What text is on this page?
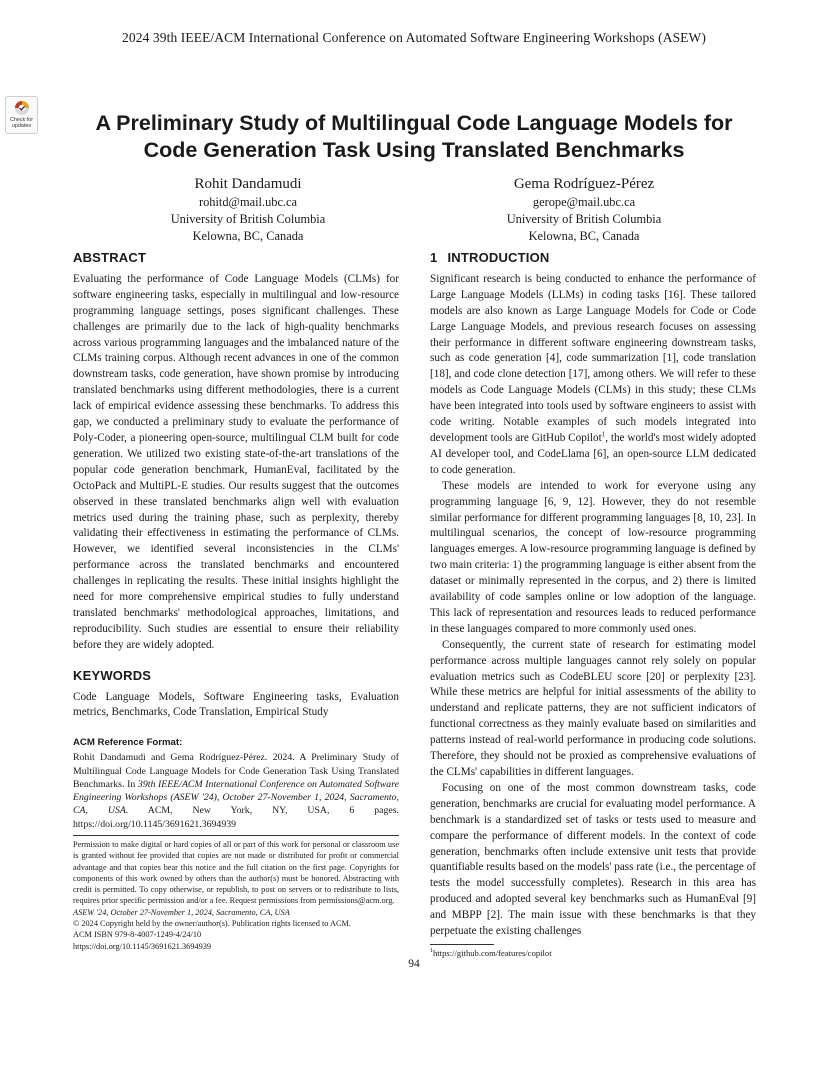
2024 39th IEEE/ACM International Conference on Automated Software Engineering Workshops (ASEW)
Check for
updates	A Preliminary Study of Multilingual Code Language Models for
Code Generation Task Using Translated Benchmarks
Rohit Dandamudi
rohitd@mail.ubc.ca
University of British Columbia
Kelowna, BC, Canada
Gema Rodríguez-Pérez
gerope@mail.ubc.ca
University of British Columbia
Kelowna, BC, Canada
ABSTRACT

Evaluating the performance of Code Language Models (CLMs) for software engineering tasks, especially in multilingual and low-resource programming language settings, poses significant challenges. These challenges are primarily due to the lack of high-quality benchmarks across various programming languages and the imbalanced nature of the CLMs training corpus. Although recent advances in one of the common downstream tasks, code generation, have shown promise by introducing translated benchmarks using different methodologies, there is a current lack of empirical evidence assessing these benchmarks. To address this gap, we conducted a preliminary study to evaluate the performance of Poly-Coder, a pioneering open-source, multilingual CLM built for code generation. We utilized two existing state-of-the-art translations of the popular code generation benchmark, HumanEval, facilitated by the OctoPack and MultiPL-E studies. Our results suggest that the outcomes observed in these translated benchmarks align well with evaluation metrics used during the training phase, such as perplexity, thereby validating their effectiveness in estimating the performance of CLMs. However, we identified several inconsistencies in the CLMs' performance across the translated benchmarks and encountered challenges in replicating the results. These initial insights highlight the need for more comprehensive empirical studies to fully understand translated benchmarks' methodological approaches, limitations, and reproducibility. Such studies are essential to ensure their reliability before they are widely adopted.

KEYWORDS

Code Language Models, Software Engineering tasks, Evaluation metrics, Benchmarks, Code Translation, Empirical Study

ACM Reference Format:
Rohit Dandamudi and Gema Rodríguez-Pérez. 2024. A Preliminary Study of Multilingual Code Language Models for Code Generation Task Using Translated Benchmarks. In 39th IEEE/ACM International Conference on Automated Software Engineering Workshops (ASEW '24), October 27-November 1, 2024, Sacramento, CA, USA. ACM, New York, NY, USA, 6 pages. https://doi.org/10.1145/3691621.3694939
Permission to make digital or hard copies of all or part of this work for personal or classroom use is granted without fee provided that copies are not made or distributed for profit or commercial advantage and that copies bear this notice and the full citation on the first page. Copyrights for components of this work owned by others than the author(s) must be honored. Abstracting with credit is permitted. To copy otherwise, or republish, to post on servers or to redistribute to lists, requires prior specific permission and/or a fee. Request permissions from permissions@acm.org.
ASEW '24, October 27-November 1, 2024, Sacramento, CA, USA
© 2024 Copyright held by the owner/author(s). Publication rights licensed to ACM.
ACM ISBN 979-8-4007-1249-4/24/10
https://doi.org/10.1145/3691621.3694939
1 INTRODUCTION

Significant research is being conducted to enhance the performance of Large Language Models (LLMs) in coding tasks [16]. These tailored models are also known as Large Language Models for Code or Code Large Language Models, and previous research focuses on assessing their performance in different software engineering downstream tasks, such as code generation [4], code summarization [1], code translation [18], and code clone detection [17], among others. We will refer to these models as Code Language Models (CLMs) in this study; these CLMs have been integrated into tools used by software engineers to assist with code writing. Notable examples of such models integrated into development tools are GitHub Copilot$^1$, the world's most widely adopted AI developer tool, and CodeLlama [6], an open-source LLM dedicated to code generation.

These models are intended to work for everyone using any programming language [6, 9, 12]. However, they do not resemble similar performance for different programming languages [8, 10, 23]. In multilingual scenarios, the concept of low-resource programming languages emerges. A low-resource programming language is defined by two main criteria: 1) the programming language is either absent from the dataset or minimally represented in the corpus, and 2) there is limited availability of code samples online or low adoption of the language. This lack of representation and resources leads to reduced performance in these languages compared to more commonly used ones.

Consequently, the current state of research for estimating model performance across multiple languages cannot rely solely on popular evaluation metrics such as CodeBLEU score [20] or perplexity [23]. While these metrics are helpful for initial assessments of the ability to understand and replicate patterns, they are not sufficient indicators of functional correctness as they mainly evaluate based on similarities and patterns instead of real-world performance in producing code solutions. Therefore, they should not be proxied as comprehensive evaluations of the CLMs' capabilities in different languages.

Focusing on one of the most common downstream tasks, code generation, benchmarks are crucial for evaluating model performance. A benchmark is a standardized set of tasks or tests used to measure and compare the performance of different models. In the context of code generation, benchmarks often include extensive unit tests that provide quantifiable results based on the models' pass rate (i.e., the percentage of tests the model successfully completes). Research in this area has produced and adopted several key benchmarks such as HumanEval [9] and MBPP [2]. The main issue with these benchmarks is that they perpetuate the existing challenges

$^1$https://github.com/features/copilot
94
